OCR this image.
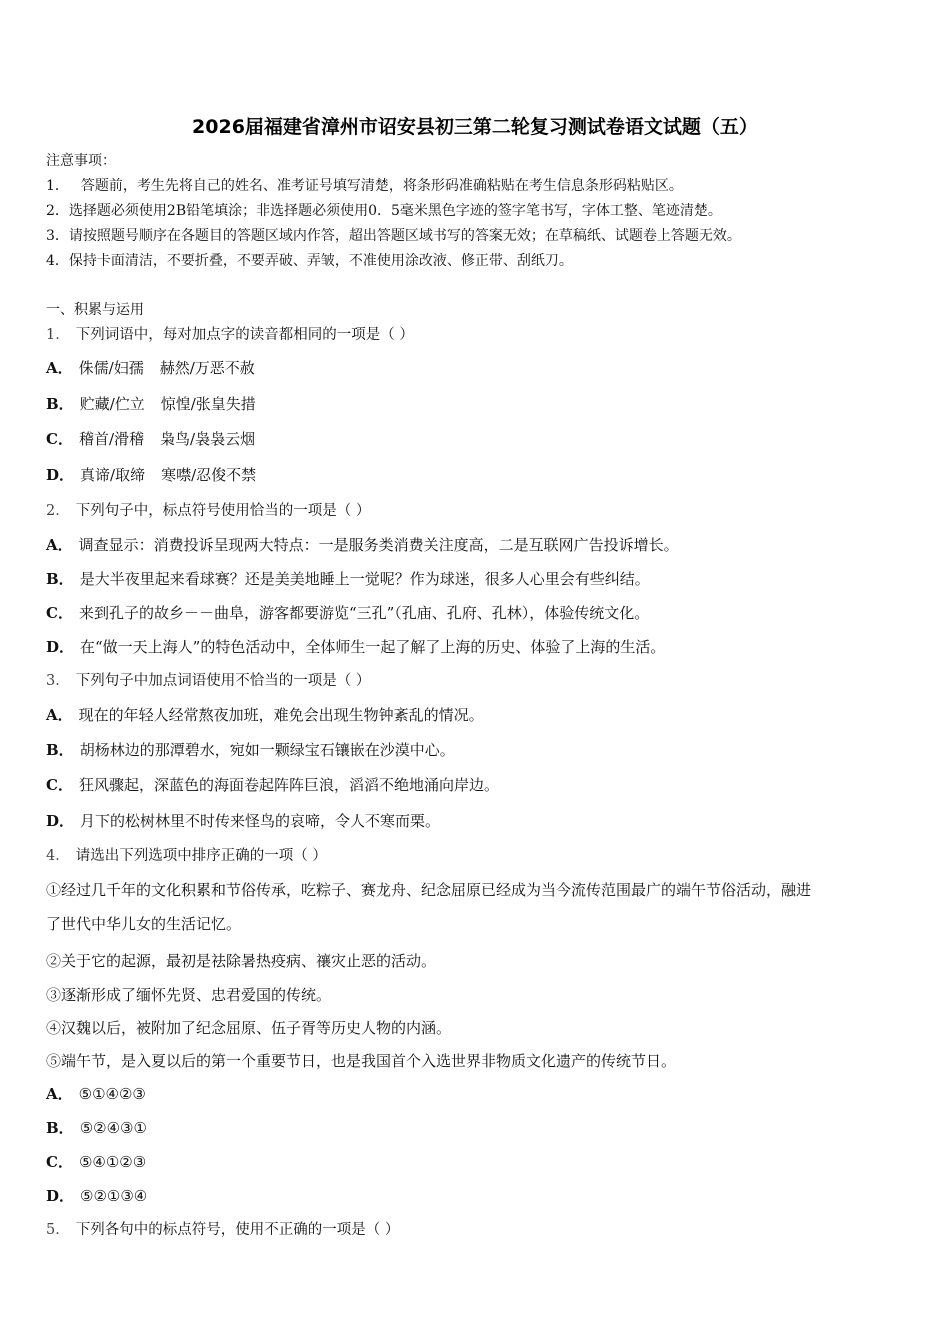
2026届福建省漳州市诏安县初三第二轮复习测试卷语文试题（五）
注意事项：
1． 答题前，考生先将自己的姓名、准考证号填写清楚，将条形码准确粘贴在考生信息条形码粘贴区。
2．选择题必须使用2B铅笔填涂；非选择题必须使用0．5毫米黑色字迹的签字笔书写，字体工整、笔迹清楚。
3．请按照题号顺序在各题目的答题区域内作答，超出答题区域书写的答案无效；在草稿纸、试题卷上答题无效。
4．保持卡面清洁，不要折叠，不要弄破、弄皱，不准使用涂改液、修正带、刮纸刀。
一、积累与运用
1． 下列词语中，每对加点字的读音都相同的一项是（ ）
A． 侏儒/妇孺 赫然/万恶不赦
B． 贮藏/伫立 惊惶/张皇失措
C． 稽首/滑稽 枭鸟/袅袅云烟
D． 真谛/取缔 寒噤/忍俊不禁
2． 下列句子中，标点符号使用恰当的一项是（ ）
A． 调查显示：消费投诉呈现两大特点：一是服务类消费关注度高，二是互联网广告投诉增长。
B． 是大半夜里起来看球赛？还是美美地睡上一觉呢？作为球迷，很多人心里会有些纠结。
C． 来到孔子的故乡－－曲阜，游客都要游览“三孔”（孔庙、孔府、孔林），体验传统文化。
D． 在“做一天上海人”的特色活动中，全体师生一起了解了上海的历史、体验了上海的生活。
3． 下列句子中加点词语使用不恰当的一项是（ ）
A． 现在的年轻人经常熬夜加班，难免会出现生物钟紊乱的情况。
B． 胡杨林边的那潭碧水，宛如一颗绿宝石镶嵌在沙漠中心。
C． 狂风骤起，深蓝色的海面卷起阵阵巨浪，滔滔不绝地涌向岸边。
D． 月下的松树林里不时传来怪鸟的哀啼，令人不寒而栗。
4． 请选出下列选项中排序正确的一项（ ）
①经过几千年的文化积累和节俗传承，吃粽子、赛龙舟、纪念屈原已经成为当今流传范围最广的端午节俗活动，融进
了世代中华儿女的生活记忆。
②关于它的起源，最初是祛除暑热疫病、禳灾止恶的活动。
③逐渐形成了缅怀先贤、忠君爱国的传统。
④汉魏以后，被附加了纪念屈原、伍子胥等历史人物的内涵。
⑤端午节，是入夏以后的第一个重要节日，也是我国首个入选世界非物质文化遗产的传统节日。
A． ⑤①④②③
B． ⑤②④③①
C． ⑤④①②③
D． ⑤②①③④
5． 下列各句中的标点符号，使用不正确的一项是（ ）
